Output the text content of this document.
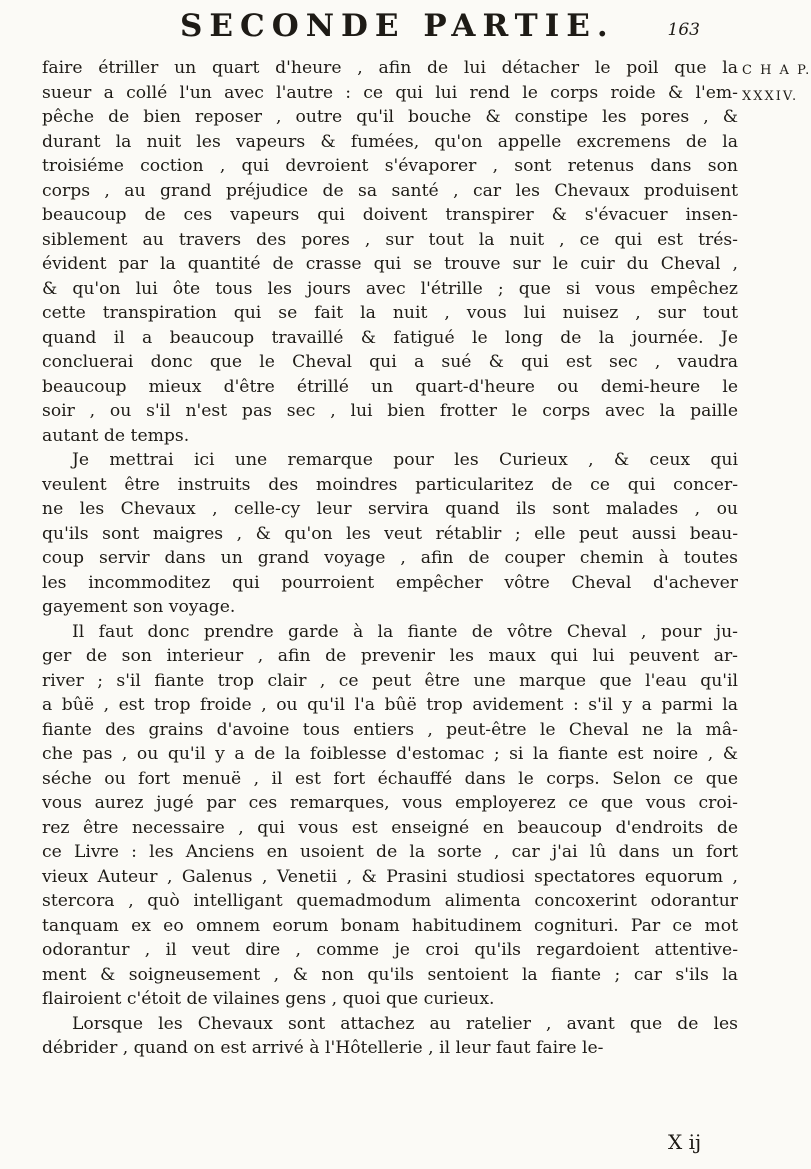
SECONDE PARTIE.	163
C H A P.
XXXIV.
faire étriller un quart d'heure , afin de lui détacher le poil que la
sueur a collé l'un avec l'autre : ce qui lui rend le corps roide & l'em-
pêche de bien reposer , outre qu'il bouche & constipe les pores , &
durant la nuit les vapeurs & fumées, qu'on appelle excremens de la
troisiéme coction , qui devroient s'évaporer , sont retenus dans son
corps , au grand préjudice de sa santé , car les Chevaux produisent
beaucoup de ces vapeurs qui doivent transpirer & s'évacuer insen-
siblement au travers des pores , sur tout la nuit , ce qui est trés-
évident par la quantité de crasse qui se trouve sur le cuir du Cheval ,
& qu'on lui ôte tous les jours avec l'étrille ; que si vous empêchez
cette transpiration qui se fait la nuit , vous lui nuisez , sur tout
quand il a beaucoup travaillé & fatigué le long de la journée. Je
concluerai donc que le Cheval qui a sué & qui est sec , vaudra
beaucoup mieux d'être étrillé un quart-d'heure ou demi-heure le
soir , ou s'il n'est pas sec , lui bien frotter le corps avec la paille
autant de temps.
Je mettrai ici une remarque pour les Curieux , & ceux qui
veulent être instruits des moindres particularitez de ce qui concer-
ne les Chevaux , celle-cy leur servira quand ils sont malades , ou
qu'ils sont maigres , & qu'on les veut rétablir ; elle peut aussi beau-
coup servir dans un grand voyage , afin de couper chemin à toutes
les incommoditez qui pourroient empêcher vôtre Cheval d'achever
gayement son voyage.
Il faut donc prendre garde à la fiante de vôtre Cheval , pour ju-
ger de son interieur , afin de prevenir les maux qui lui peuvent ar-
river ; s'il fiante trop clair , ce peut être une marque que l'eau qu'il
a bûë , est trop froide , ou qu'il l'a bûë trop avidement : s'il y a parmi la
fiante des grains d'avoine tous entiers , peut-être le Cheval ne la mâ-
che pas , ou qu'il y a de la foiblesse d'estomac ; si la fiante est noire , &
séche ou fort menuë , il est fort échauffé dans le corps. Selon ce que
vous aurez jugé par ces remarques, vous employerez ce que vous croi-
rez être necessaire , qui vous est enseigné en beaucoup d'endroits de
ce Livre : les Anciens en usoient de la sorte , car j'ai lû dans un fort
vieux Auteur , Galenus , Venetii , & Prasini studiosi spectatores equorum ,
stercora , quò intelligant quemadmodum alimenta concoxerint odorantur
tanquam ex eo omnem eorum bonam habitudinem cognituri. Par ce mot
odorantur , il veut dire , comme je croi qu'ils regardoient attentive-
ment & soigneusement , & non qu'ils sentoient la fiante ; car s'ils la
flairoient c'étoit de vilaines gens , quoi que curieux.
Lorsque les Chevaux sont attachez au ratelier , avant que de les
débrider , quand on est arrivé à l'Hôtellerie , il leur faut faire le-
X ij
